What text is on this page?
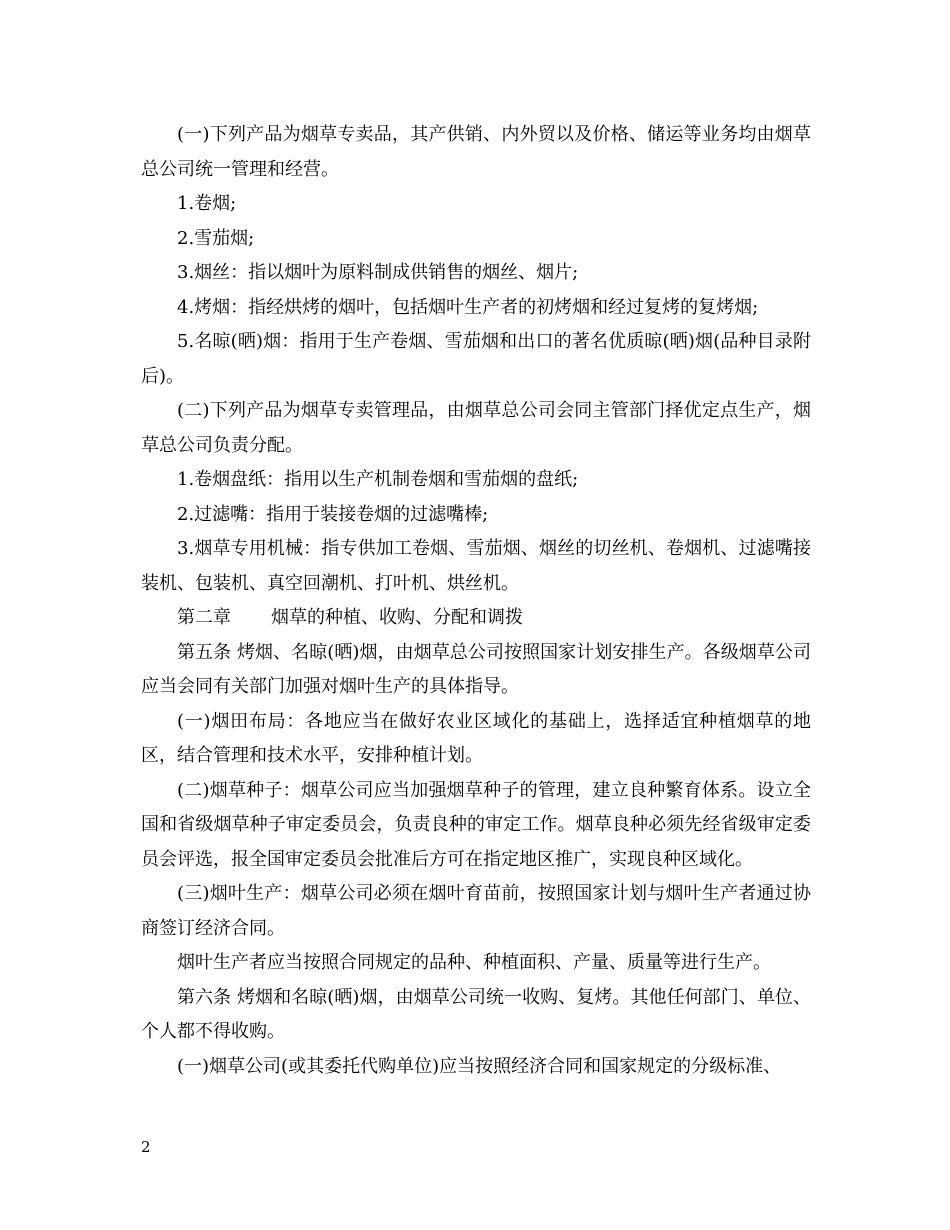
(一)下列产品为烟草专卖品，其产供销、内外贸以及价格、储运等业务均由烟草总公司统一管理和经营。

1.卷烟;

2.雪茄烟;

3.烟丝：指以烟叶为原料制成供销售的烟丝、烟片;

4.烤烟：指经烘烤的烟叶，包括烟叶生产者的初烤烟和经过复烤的复烤烟;

5.名晾(晒)烟：指用于生产卷烟、雪茄烟和出口的著名优质晾(晒)烟(品种目录附后)。

(二)下列产品为烟草专卖管理品，由烟草总公司会同主管部门择优定点生产，烟草总公司负责分配。

1.卷烟盘纸：指用以生产机制卷烟和雪茄烟的盘纸;

2.过滤嘴：指用于装接卷烟的过滤嘴棒;

3.烟草专用机械：指专供加工卷烟、雪茄烟、烟丝的切丝机、卷烟机、过滤嘴接装机、包装机、真空回潮机、打叶机、烘丝机。

第二章 烟草的种植、收购、分配和调拨

第五条 烤烟、名晾(晒)烟，由烟草总公司按照国家计划安排生产。各级烟草公司应当会同有关部门加强对烟叶生产的具体指导。

(一)烟田布局：各地应当在做好农业区域化的基础上，选择适宜种植烟草的地区，结合管理和技术水平，安排种植计划。

(二)烟草种子：烟草公司应当加强烟草种子的管理，建立良种繁育体系。设立全国和省级烟草种子审定委员会，负责良种的审定工作。烟草良种必须先经省级审定委员会评选，报全国审定委员会批准后方可在指定地区推广，实现良种区域化。

(三)烟叶生产：烟草公司必须在烟叶育苗前，按照国家计划与烟叶生产者通过协商签订经济合同。

烟叶生产者应当按照合同规定的品种、种植面积、产量、质量等进行生产。

第六条 烤烟和名晾(晒)烟，由烟草公司统一收购、复烤。其他任何部门、单位、个人都不得收购。

(一)烟草公司(或其委托代购单位)应当按照经济合同和国家规定的分级标准、

2
